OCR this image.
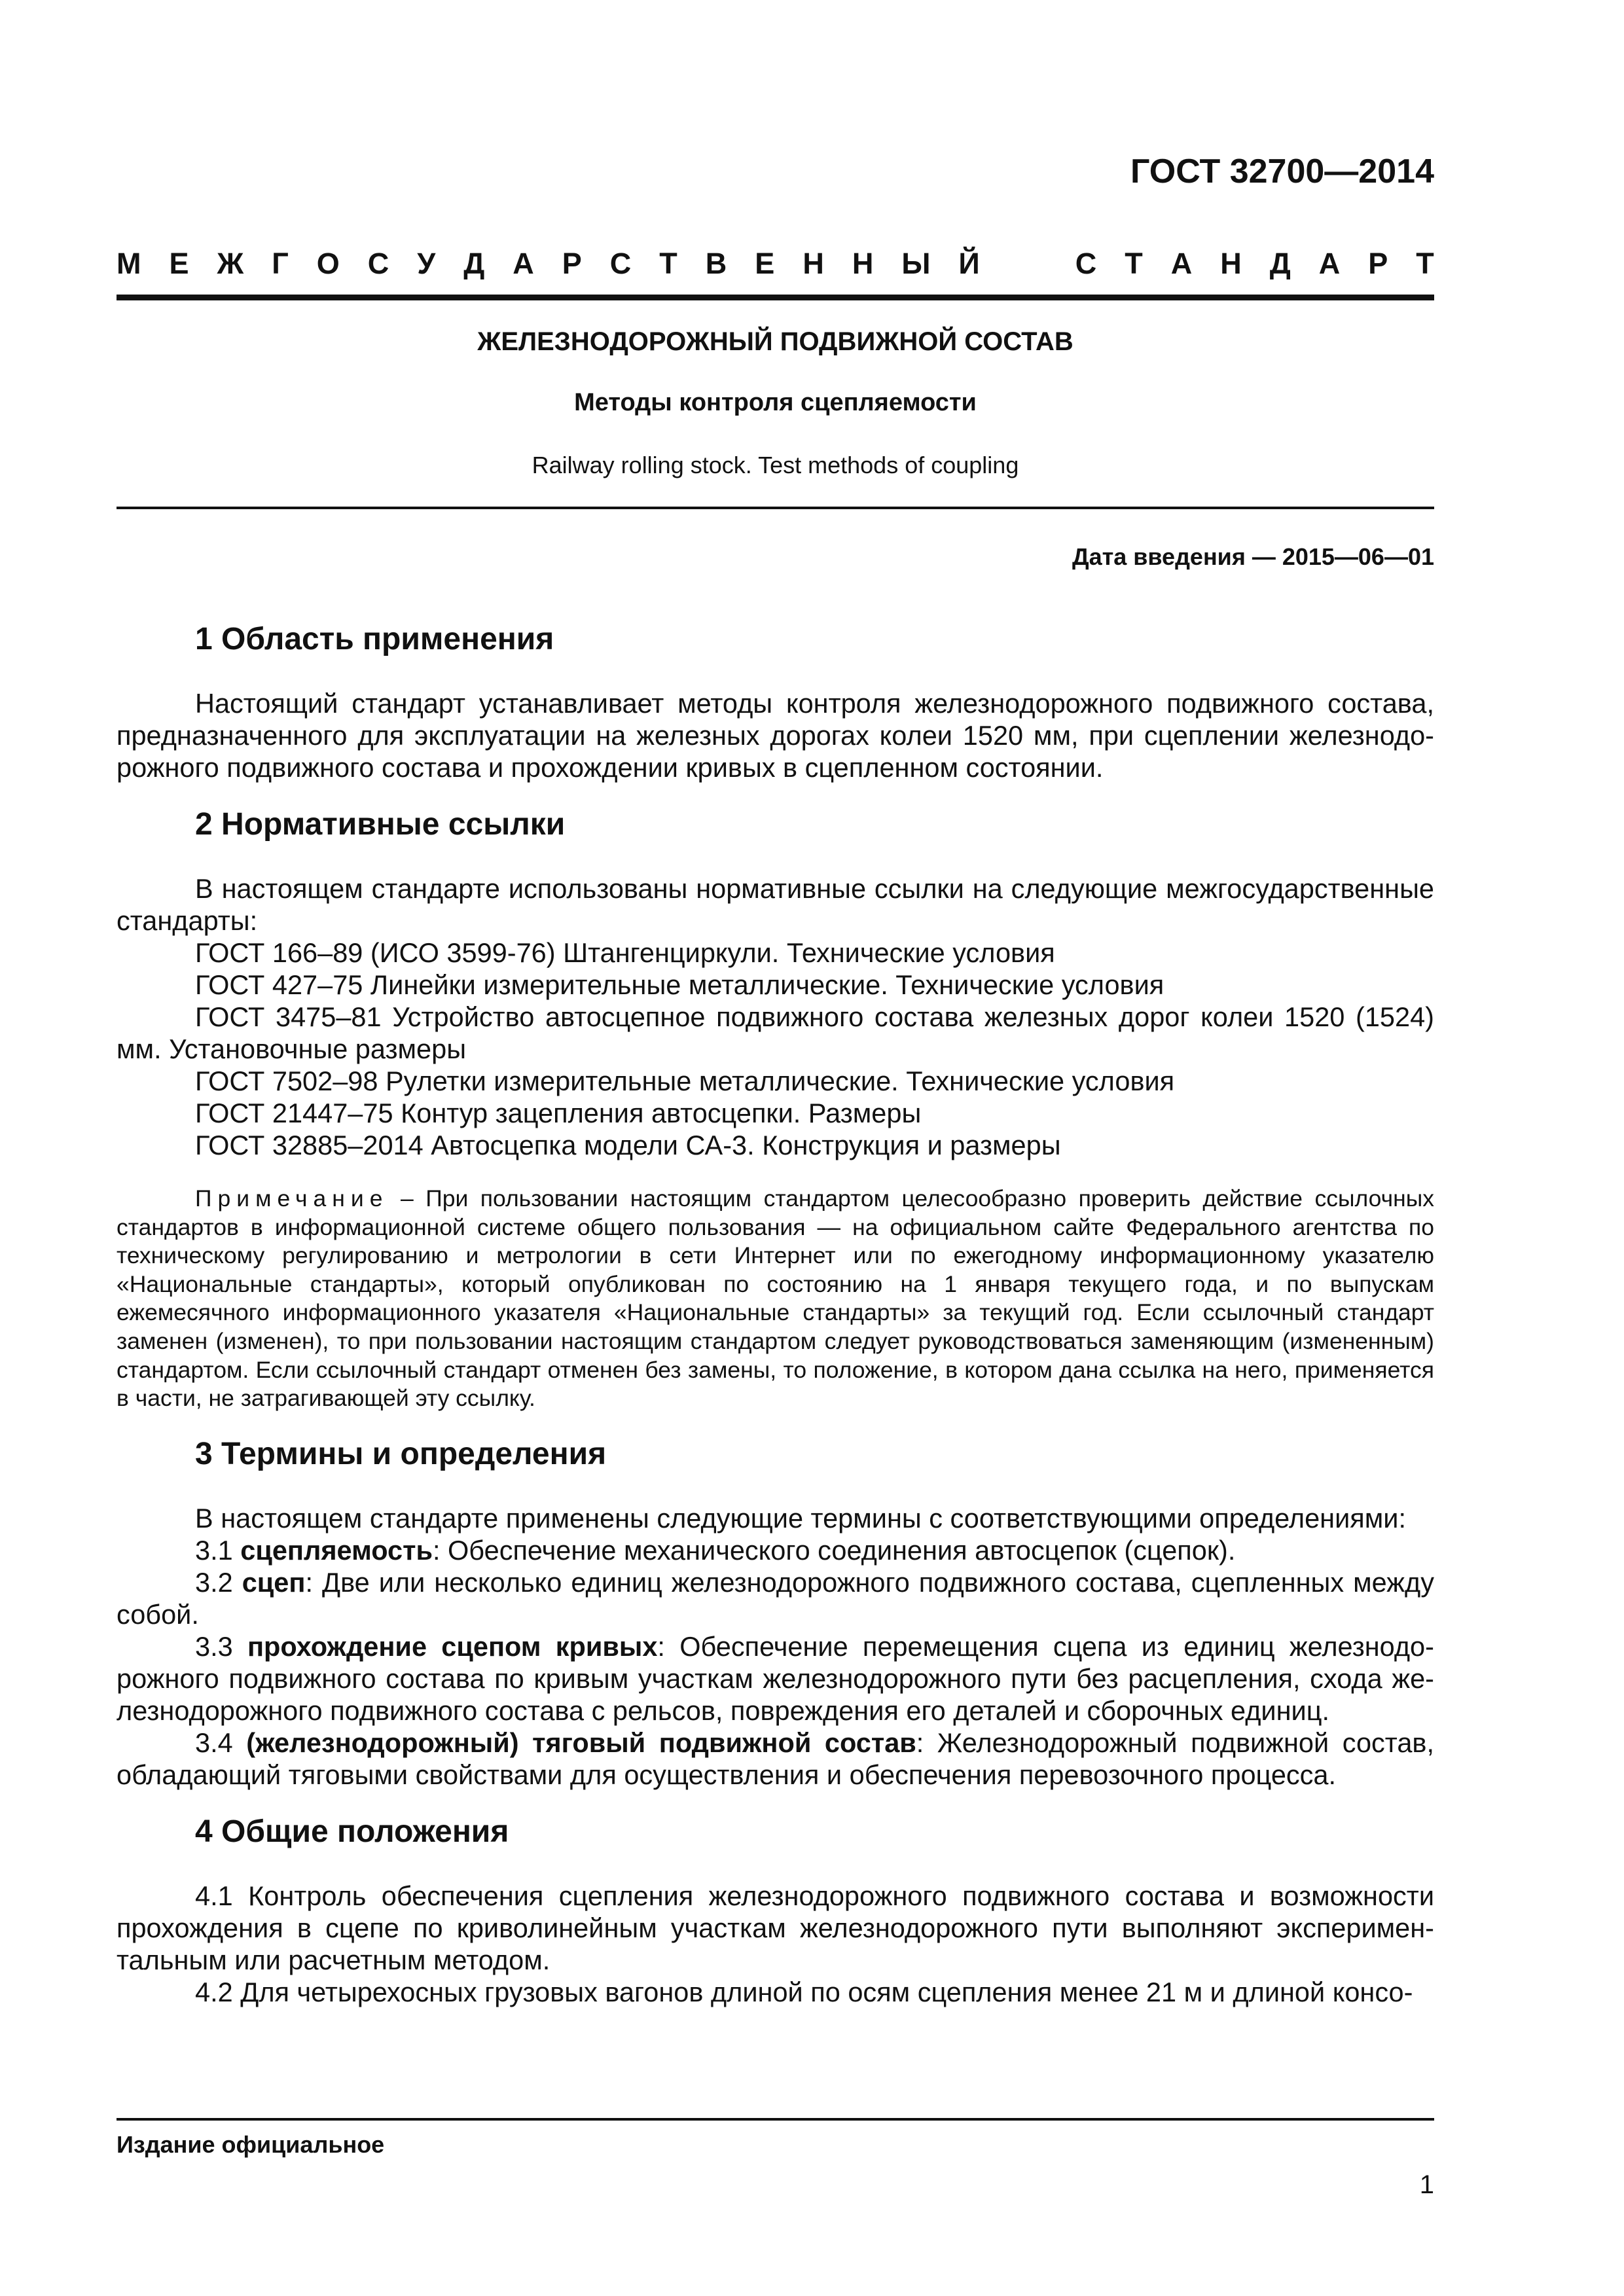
ГОСТ 32700—2014
М Е Ж Г О С У Д А Р С Т В Е Н Н Ы Й	С Т А Н Д А Р Т
ЖЕЛЕЗНОДОРОЖНЫЙ ПОДВИЖНОЙ СОСТАВ
Методы контроля сцепляемости
Railway rolling stock. Test methods of coupling
Дата введения — 2015—06—01
1 Область применения

Настоящий стандарт устанавливает методы контроля железнодорожного подвижного состава, предназначенного для эксплуатации на железных дорогах колеи 1520 мм, при сцеплении железнодорожного подвижного состава и прохождении кривых в сцепленном состоянии.

2 Нормативные ссылки

В настоящем стандарте использованы нормативные ссылки на следующие межгосударственные стандарты:

ГОСТ 166–89 (ИСО 3599-76) Штангенциркули. Технические условия

ГОСТ 427–75 Линейки измерительные металлические. Технические условия

ГОСТ 3475–81 Устройство автосцепное подвижного состава железных дорог колеи 1520 (1524) мм. Установочные размеры

ГОСТ 7502–98 Рулетки измерительные металлические. Технические условия

ГОСТ 21447–75 Контур зацепления автосцепки. Размеры

ГОСТ 32885–2014 Автосцепка модели СА-3. Конструкция и размеры

Примечание – При пользовании настоящим стандартом целесообразно проверить действие ссылочных стандартов в информационной системе общего пользования — на официальном сайте Федерального агентства по техническому регулированию и метрологии в сети Интернет или по ежегодному информационному указателю «Национальные стандарты», который опубликован по состоянию на 1 января текущего года, и по выпускам ежемесячного информационного указателя «Национальные стандарты» за текущий год. Если ссылочный стандарт заменен (изменен), то при пользовании настоящим стандартом следует руководствоваться заменяющим (измененным) стандартом. Если ссылочный стандарт отменен без замены, то положение, в котором дана ссылка на него, применяется в части, не затрагивающей эту ссылку.

3 Термины и определения

В настоящем стандарте применены следующие термины с соответствующими определениями:

3.1 сцепляемость: Обеспечение механического соединения автосцепок (сцепок).

3.2 сцеп: Две или несколько единиц железнодорожного подвижного состава, сцепленных между собой.

3.3 прохождение сцепом кривых: Обеспечение перемещения сцепа из единиц железнодорожного подвижного состава по кривым участкам железнодорожного пути без расцепления, схода железнодорожного подвижного состава с рельсов, повреждения его деталей и сборочных единиц.

3.4 (железнодорожный) тяговый подвижной состав: Железнодорожный подвижной состав, обладающий тяговыми свойствами для осуществления и обеспечения перевозочного процесса.

4 Общие положения

4.1 Контроль обеспечения сцепления железнодорожного подвижного состава и возможности прохождения в сцепе по криволинейным участкам железнодорожного пути выполняют экспериментальным или расчетным методом.

4.2 Для четырехосных грузовых вагонов длиной по осям сцепления менее 21 м и длиной консо-

Издание официальное
1
